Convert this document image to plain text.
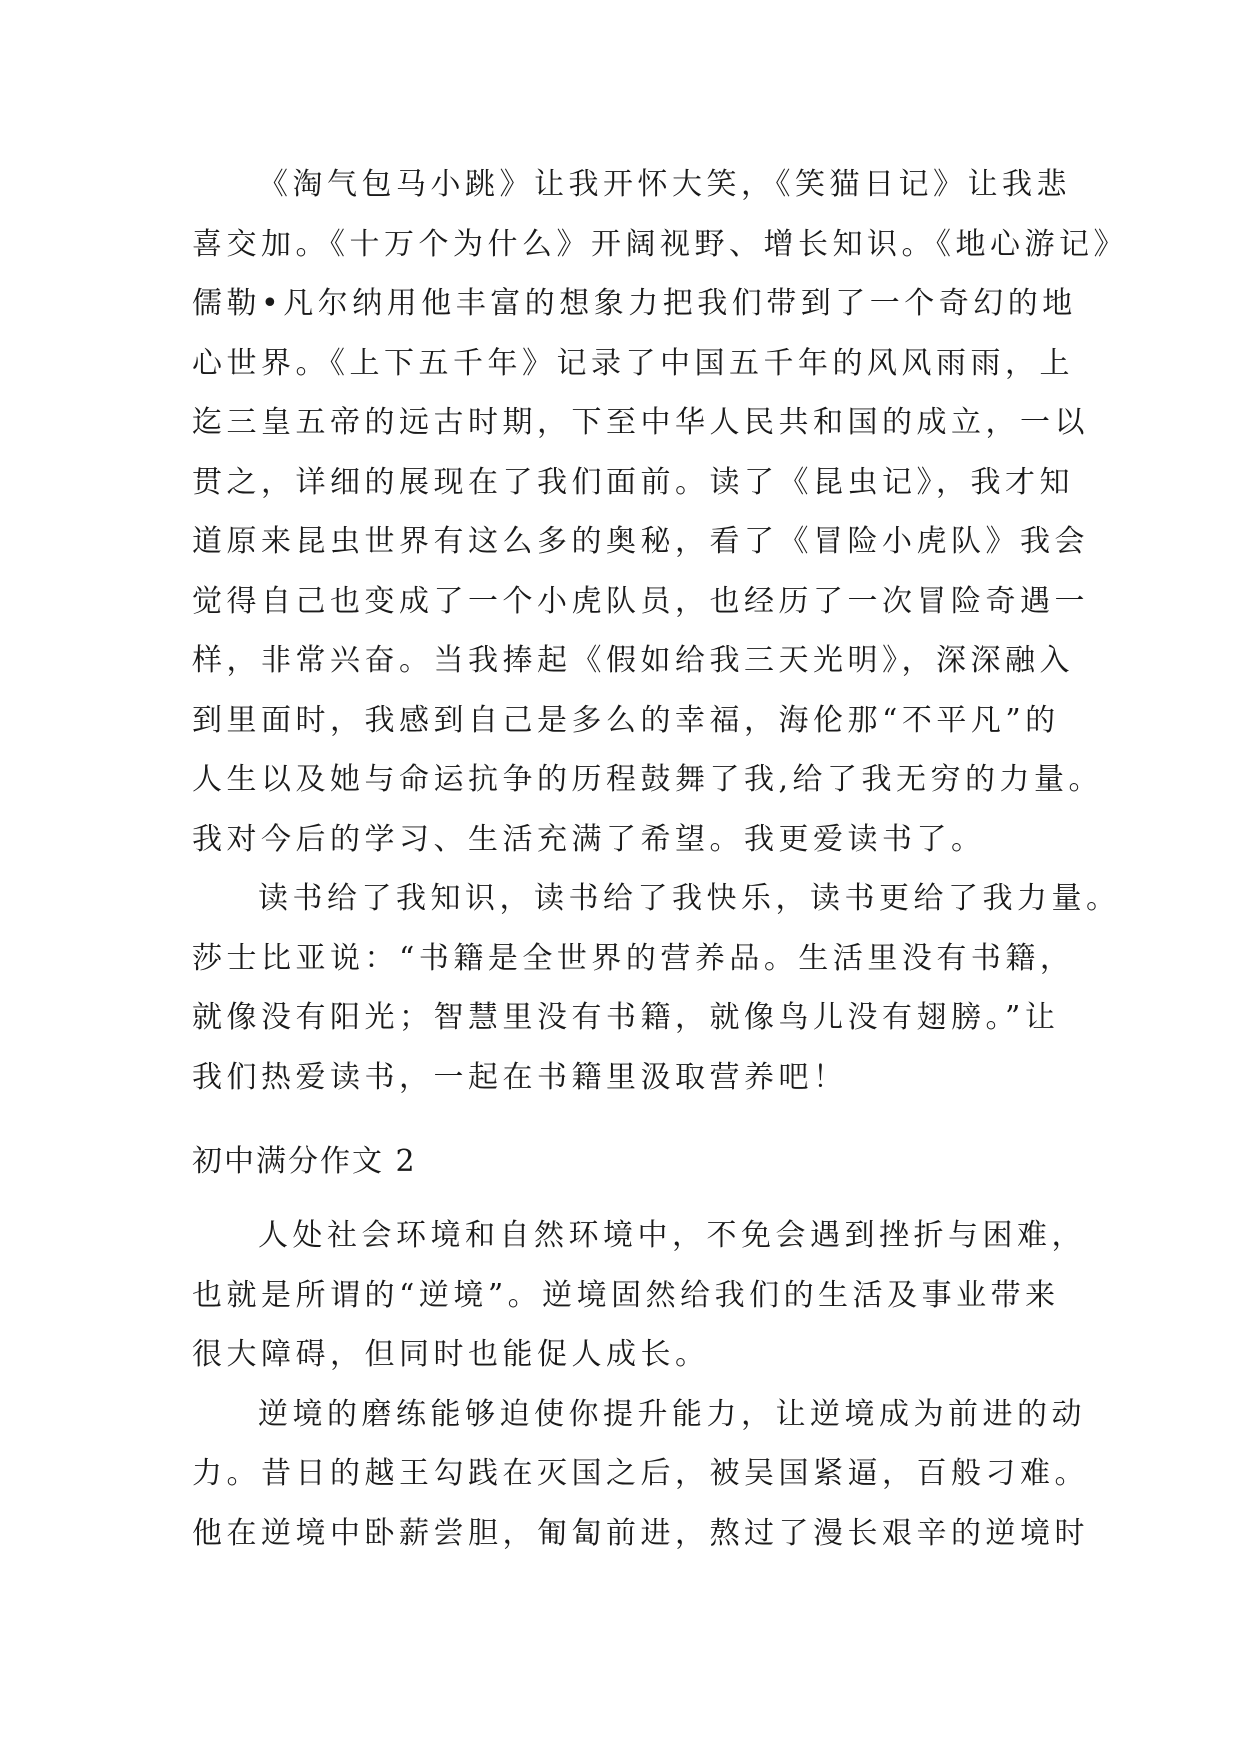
《淘气包马小跳》让我开怀大笑，《笑猫日记》让我悲
喜交加。《十万个为什么》开阔视野、增长知识。《地心游记》
儒勒•凡尔纳用他丰富的想象力把我们带到了一个奇幻的地
心世界。《上下五千年》记录了中国五千年的风风雨雨，上
迄三皇五帝的远古时期，下至中华人民共和国的成立，一以
贯之，详细的展现在了我们面前。读了《昆虫记》，我才知
道原来昆虫世界有这么多的奥秘，看了《冒险小虎队》我会
觉得自己也变成了一个小虎队员，也经历了一次冒险奇遇一
样，非常兴奋。当我捧起《假如给我三天光明》，深深融入
到里面时，我感到自己是多么的幸福，海伦那“不平凡”的
人生以及她与命运抗争的历程鼓舞了我,给了我无穷的力量。
我对今后的学习、生活充满了希望。我更爱读书了。
读书给了我知识，读书给了我快乐，读书更给了我力量。
莎士比亚说：“书籍是全世界的营养品。生活里没有书籍，
就像没有阳光；智慧里没有书籍，就像鸟儿没有翅膀。”让
我们热爱读书，一起在书籍里汲取营养吧！
初中满分作文 2
人处社会环境和自然环境中，不免会遇到挫折与困难，
也就是所谓的“逆境”。逆境固然给我们的生活及事业带来
很大障碍，但同时也能促人成长。
逆境的磨练能够迫使你提升能力，让逆境成为前进的动
力。昔日的越王勾践在灭国之后，被吴国紧逼，百般刁难。
他在逆境中卧薪尝胆，匍匐前进，熬过了漫长艰辛的逆境时
